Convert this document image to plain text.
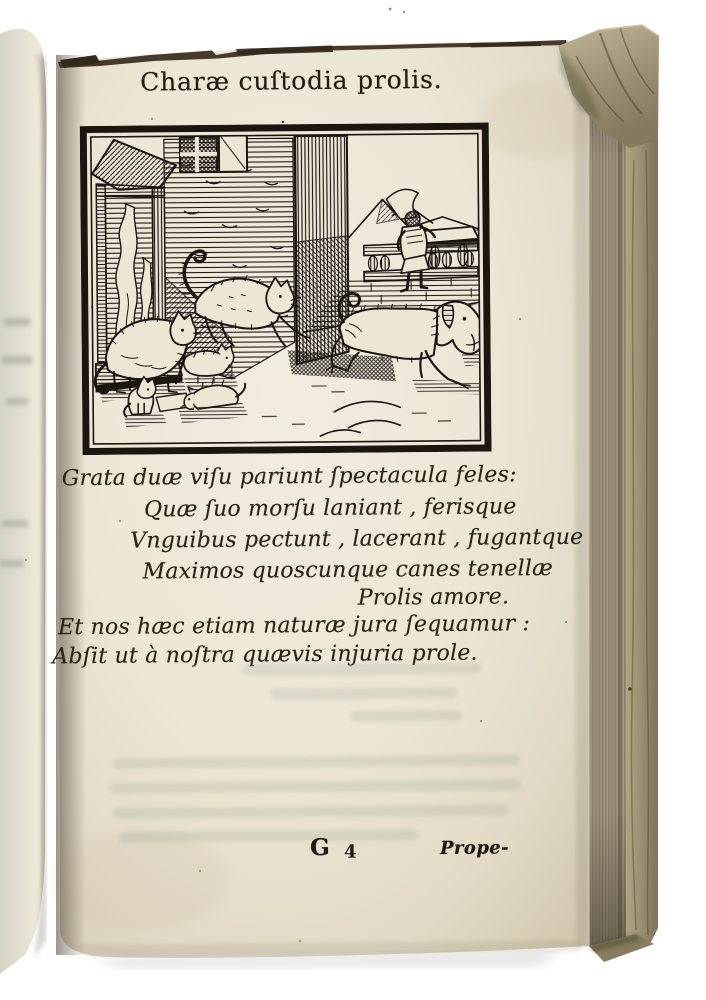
Charæ cuſtodia prolis.
Grata duæ viſu pariunt ſpectacula feles:
Quæ ſuo morſu laniant , ferisque
Vnguibus pectunt , lacerant , fugantque
Maximos quoscunque canes tenellæ
Prolis amore.
Et nos hæc etiam naturæ jura ſequamur :
Abſit ut à noſtra quævis injuria prole.
G 4	Prope-
